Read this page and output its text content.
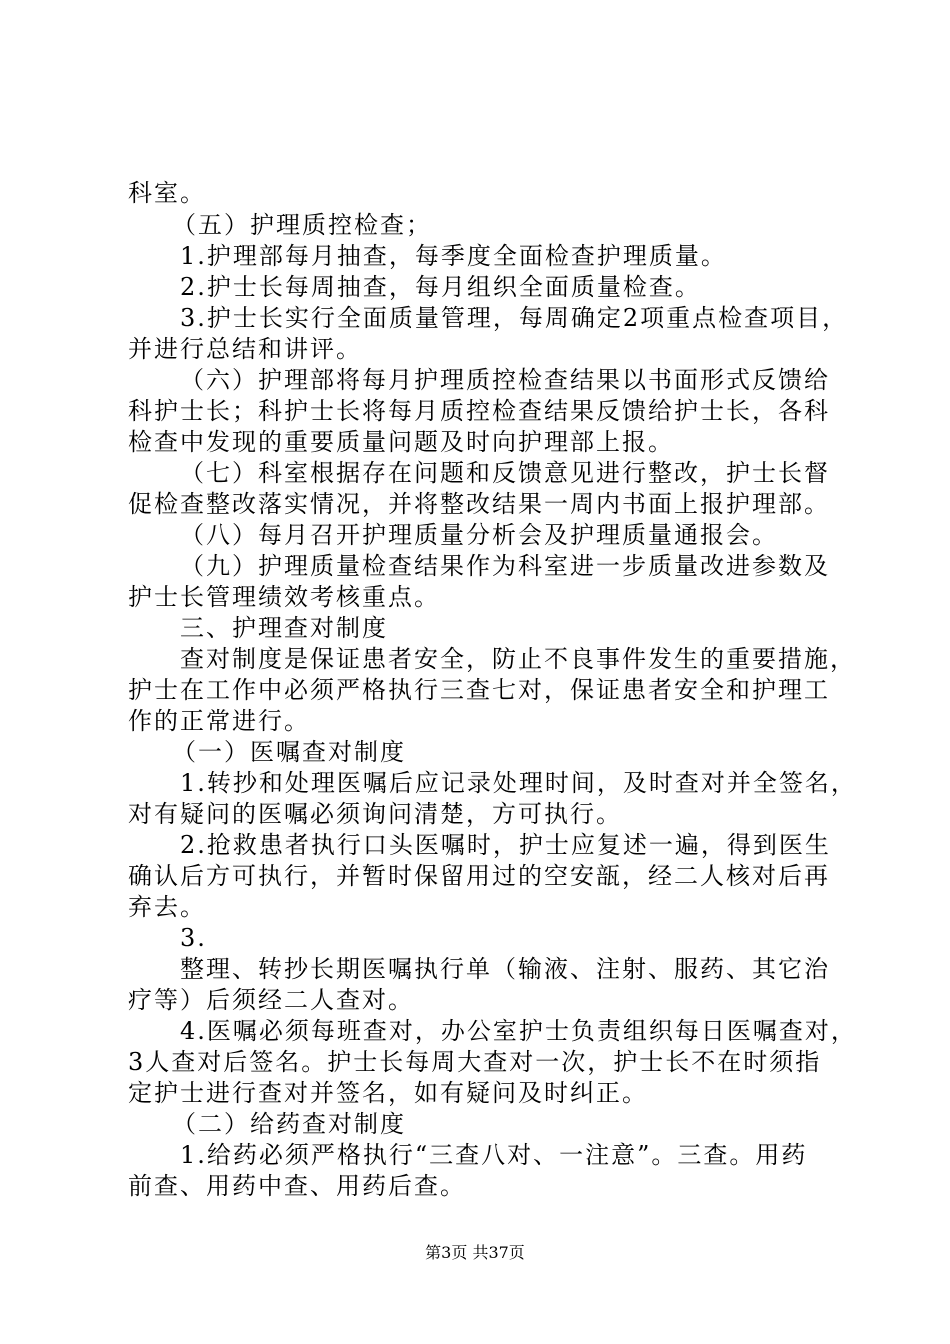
科室。
（五）护理质控检查；
1.护理部每月抽查，每季度全面检查护理质量。
2.护士长每周抽查，每月组织全面质量检查。
3.护士长实行全面质量管理，每周确定2项重点检查项目，
并进行总结和讲评。
（六）护理部将每月护理质控检查结果以书面形式反馈给
科护士长；科护士长将每月质控检查结果反馈给护士长，各科
检查中发现的重要质量问题及时向护理部上报。
（七）科室根据存在问题和反馈意见进行整改，护士长督
促检查整改落实情况，并将整改结果一周内书面上报护理部。
（八）每月召开护理质量分析会及护理质量通报会。
（九）护理质量检查结果作为科室进一步质量改进参数及
护士长管理绩效考核重点。
三、护理查对制度
查对制度是保证患者安全，防止不良事件发生的重要措施，
护士在工作中必须严格执行三查七对，保证患者安全和护理工
作的正常进行。
（一）医嘱查对制度
1.转抄和处理医嘱后应记录处理时间，及时查对并全签名，
对有疑问的医嘱必须询问清楚，方可执行。
2.抢救患者执行口头医嘱时，护士应复述一遍，得到医生
确认后方可执行，并暂时保留用过的空安瓿，经二人核对后再
弃去。
3.
整理、转抄长期医嘱执行单（输液、注射、服药、其它治
疗等）后须经二人查对。
4.医嘱必须每班查对，办公室护士负责组织每日医嘱查对，
3人查对后签名。护士长每周大查对一次，护士长不在时须指
定护士进行查对并签名，如有疑问及时纠正。
（二）给药查对制度
1.给药必须严格执行“三查八对、一注意”。三查。用药
前查、用药中查、用药后查。
第3页 共37页
